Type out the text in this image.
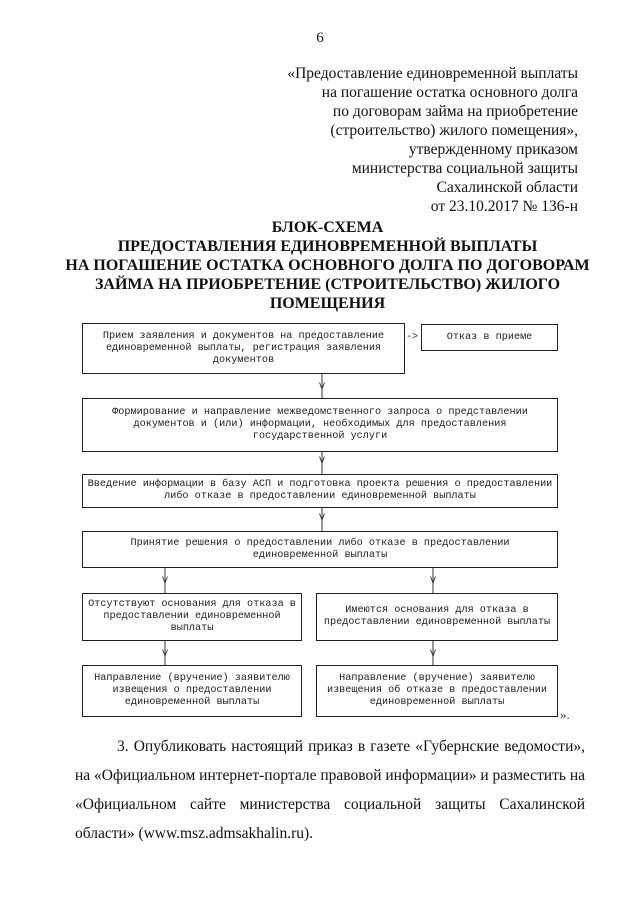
6
«Предоставление единовременной выплаты
на погашение остатка основного долга
по договорам займа на приобретение
(строительство) жилого помещения»,
утвержденному приказом
министерства социальной защиты
Сахалинской области
от 23.10.2017 № 136-н
БЛОК-СХЕМА
ПРЕДОСТАВЛЕНИЯ ЕДИНОВРЕМЕННОЙ ВЫПЛАТЫ
НА ПОГАШЕНИЕ ОСТАТКА ОСНОВНОГО ДОЛГА ПО ДОГОВОРАМ
ЗАЙМА НА ПРИОБРЕТЕНИЕ (СТРОИТЕЛЬСТВО) ЖИЛОГО
ПОМЕЩЕНИЯ
Прием заявления и документов на предоставление единовременной выплаты, регистрация заявления документов
->	Отказ в приеме
V
Формирование и направление межведомственного запроса о представлении документов и (или) информации, необходимых для предоставления государственной услуги
V
Введение информации в базу АСП и подготовка проекта решения о предоставлении либо отказе в предоставлении единовременной выплаты
V
Принятие решения о предоставлении либо отказе в предоставлении единовременной выплаты
V	V
Отсутствуют основания для отказа в предоставлении единовременной выплаты
Имеются основания для отказа в предоставлении единовременной выплаты
V	V
Направление (вручение) заявителю извещения о предоставлении единовременной выплаты
Направление (вручение) заявителю извещения об отказе в предоставлении единовременной выплаты
».
3. Опубликовать настоящий приказ в газете «Губернские ведомости», на «Официальном интернет-портале правовой информации» и разместить на «Официальном сайте министерства социальной защиты Сахалинской области» (www.msz.admsakhalin.ru).
